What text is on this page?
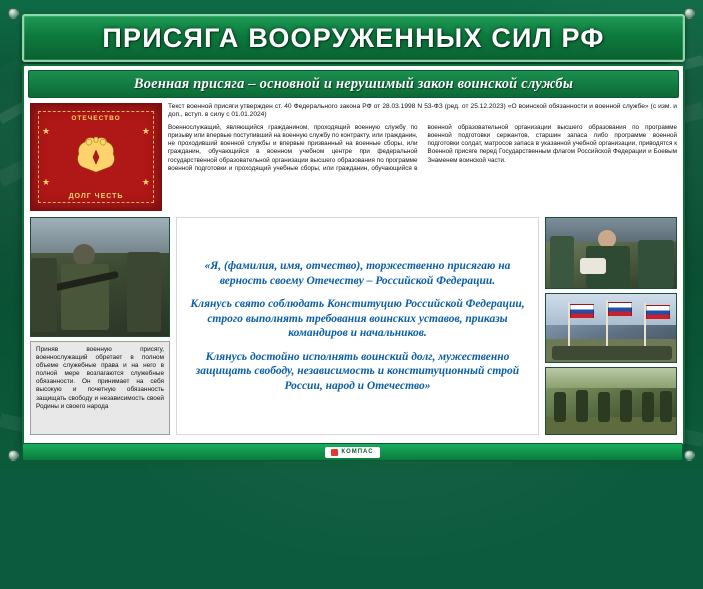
ПРИСЯГА ВООРУЖЕННЫХ СИЛ РФ
Военная присяга – основной и нерушимый закон воинской службы
ОТЕЧЕСТВО
★	★
★	★
ДОЛГ ЧЕСТЬ
Текст военной присяги утвержден ст. 40 Федерального закона РФ от 28.03.1998 N 53-ФЗ (ред. от 25.12.2023) «О воинской обязанности и военной службе» (с изм. и доп., вступ. в силу с 01.01.2024)
Военнослужащий, являющийся гражданином, проходящий военную службу по призыву или впервые поступивший на военную службу по контракту, или гражданин, не проходивший военной службы и впервые призванный на военные сборы, или гражданин, обучающийся в военном учебном центре при федеральной государственной образовательной организации высшего образования по программе военной подготовки и проходящий учебные сборы, или гражданин, обучающийся в военной образовательной организации высшего образования по программе военной подготовки сержантов, старшин запаса либо программе военной подготовки солдат, матросов запаса в указанной учебной организации, приводятся к Военной присяге перед Государственным флагом Российской Федерации и Боевым Знаменем воинской части.
Приняв военную присягу, военнослужащий обретает в полном объеме служебные права и на него в полной мере возлагаются служебные обязанности. Он принимает на себя высокую и почетную обязанность защищать свободу и независимость своей Родины и своего народа

«Я, (фамилия, имя, отчество), торжественно присягаю на верность своему Отечеству – Российской Федерации.

Клянусь свято соблюдать Конституцию Российской Федерации, строго выполнять требования воинских уставов, приказы командиров и начальников.

Клянусь достойно исполнять воинский долг, мужественно защищать свободу, независимость и конституционный строй России, народ и Отечество»

КОМПАС
